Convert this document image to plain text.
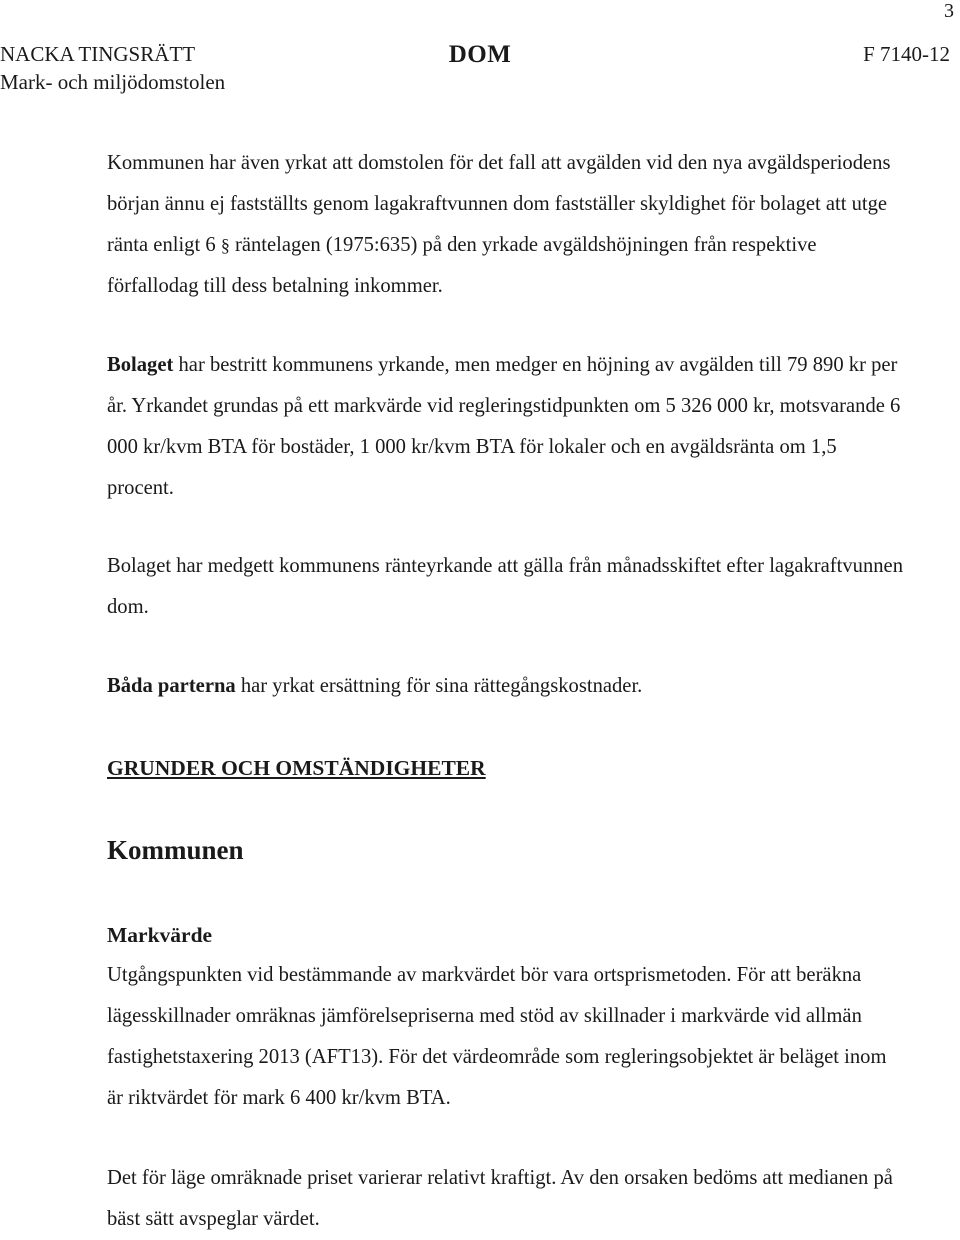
3
NACKA TINGSRÄTT
Mark- och miljödomstolen
DOM	F 7140-12

Kommunen har även yrkat att domstolen för det fall att avgälden vid den nya avgäldsperiodens början ännu ej fastställts genom lagakraftvunnen dom fastställer skyldighet för bolaget att utge ränta enligt 6 § räntelagen (1975:635) på den yrkade avgäldshöjningen från respektive förfallodag till dess betalning inkommer.

Bolaget har bestritt kommunens yrkande, men medger en höjning av avgälden till 79 890 kr per år. Yrkandet grundas på ett markvärde vid regleringstidpunkten om 5 326 000 kr, motsvarande 6 000 kr/kvm BTA för bostäder, 1 000 kr/kvm BTA för lokaler och en avgäldsränta om 1,5 procent.

Bolaget har medgett kommunens ränteyrkande att gälla från månadsskiftet efter lagakraftvunnen dom.

Båda parterna har yrkat ersättning för sina rättegångskostnader.

GRUNDER OCH OMSTÄNDIGHETER
Kommunen
Markvärde

Utgångspunkten vid bestämmande av markvärdet bör vara ortsprismetoden. För att beräkna lägesskillnader omräknas jämförelsepriserna med stöd av skillnader i markvärde vid allmän fastighetstaxering 2013 (AFT13). För det värdeområde som regleringsobjektet är beläget inom är riktvärdet för mark 6 400 kr/kvm BTA.

Det för läge omräknade priset varierar relativt kraftigt. Av den orsaken bedöms att medianen på bäst sätt avspeglar värdet.
